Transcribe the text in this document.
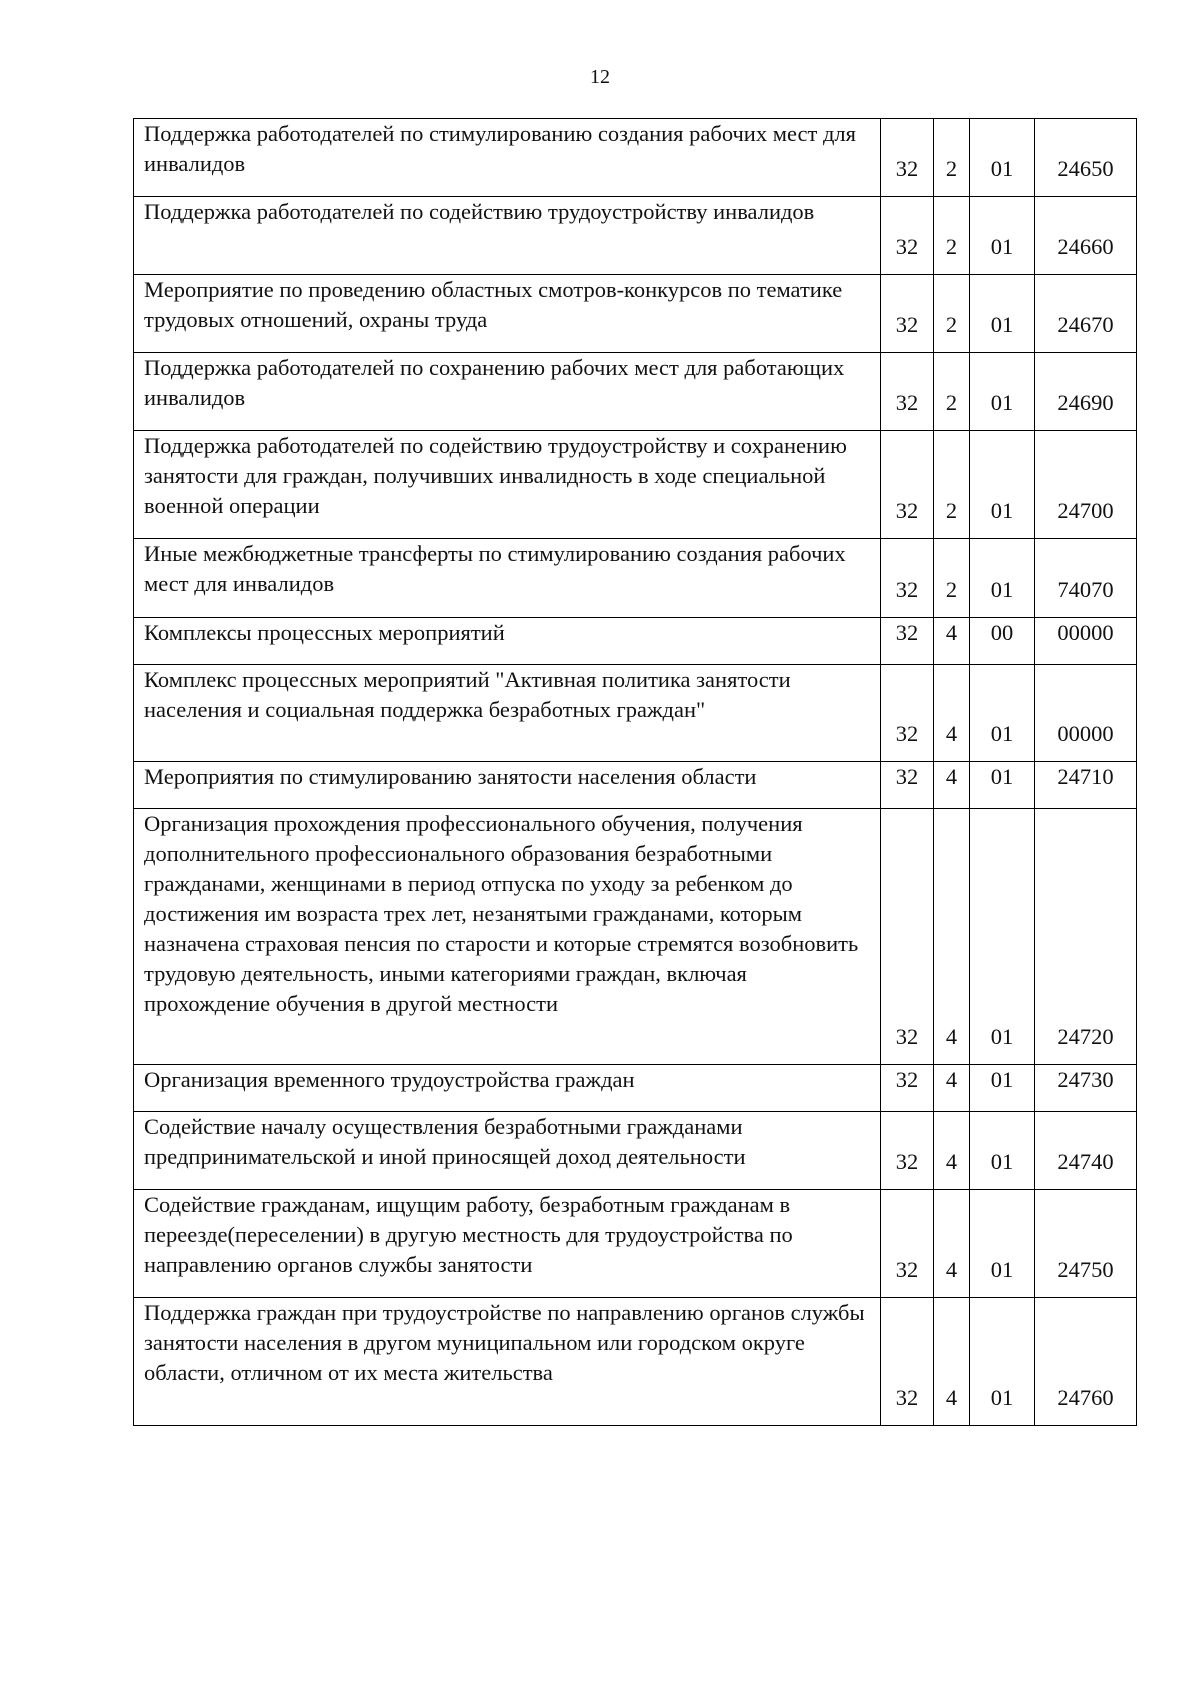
12
Поддержка работодателей по стимулированию создания рабочих мест для инвалидов	32	2	01	24650
Поддержка работодателей по содействию трудоустройству инвалидов	32	2	01	24660
Мероприятие по проведению областных смотров-конкурсов по тематике трудовых отношений, охраны труда	32	2	01	24670
Поддержка работодателей по сохранению рабочих мест для работающих инвалидов	32	2	01	24690
Поддержка работодателей по содействию трудоустройству и сохранению занятости для граждан, получивших инвалидность в ходе специальной военной операции	32	2	01	24700
Иные межбюджетные трансферты по стимулированию создания рабочих мест для инвалидов	32	2	01	74070
Комплексы процессных мероприятий	32	4	00	00000
Комплекс процессных мероприятий "Активная политика занятости населения и социальная поддержка безработных граждан"	32	4	01	00000
Мероприятия по стимулированию занятости населения области	32	4	01	24710
Организация прохождения профессионального обучения, получения дополнительного профессионального образования безработными гражданами, женщинами в период отпуска по уходу за ребенком до достижения им возраста трех лет, незанятыми гражданами, которым назначена страховая пенсия по старости и которые стремятся возобновить трудовую деятельность, иными категориями граждан, включая прохождение обучения в другой местности	32	4	01	24720
Организация временного трудоустройства граждан	32	4	01	24730
Содействие началу осуществления безработными гражданами предпринимательской и иной приносящей доход деятельности	32	4	01	24740
Содействие гражданам, ищущим работу, безработным гражданам в переезде(переселении) в другую местность для трудоустройства по направлению органов службы занятости	32	4	01	24750
Поддержка граждан при трудоустройстве по направлению органов службы занятости населения в другом муниципальном или городском округе области, отличном от их места жительства	32	4	01	24760
